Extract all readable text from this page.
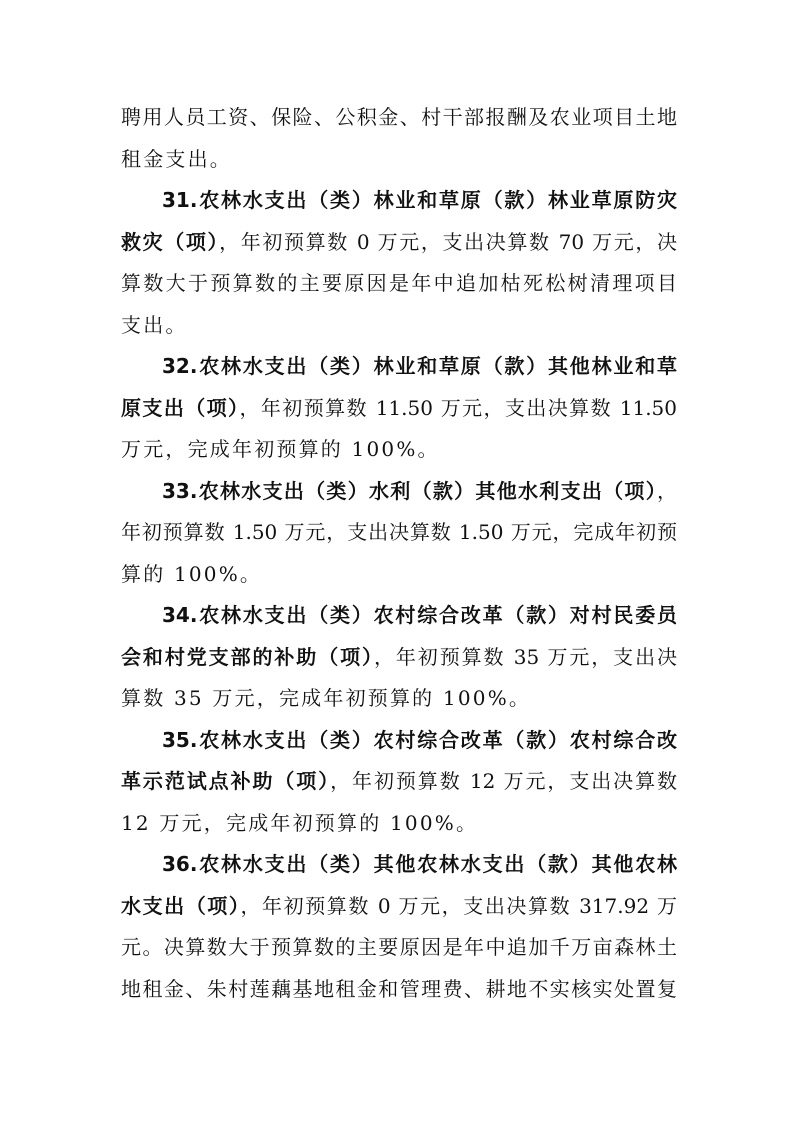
聘用人员工资、保险、公积金、村干部报酬及农业项目土地
租金支出。
31.农林水支出（类）林业和草原（款）林业草原防灾
救灾（项），年初预算数 0 万元，支出决算数 70 万元，决
算数大于预算数的主要原因是年中追加枯死松树清理项目
支出。
32.农林水支出（类）林业和草原（款）其他林业和草
原支出（项），年初预算数 11.50 万元，支出决算数 11.50
万元，完成年初预算的 100%。
33.农林水支出（类）水利（款）其他水利支出（项），
年初预算数 1.50 万元，支出决算数 1.50 万元，完成年初预
算的 100%。
34.农林水支出（类）农村综合改革（款）对村民委员
会和村党支部的补助（项），年初预算数 35 万元，支出决
算数 35 万元，完成年初预算的 100%。
35.农林水支出（类）农村综合改革（款）农村综合改
革示范试点补助（项），年初预算数 12 万元，支出决算数
12 万元，完成年初预算的 100%。
36.农林水支出（类）其他农林水支出（款）其他农林
水支出（项），年初预算数 0 万元，支出决算数 317.92 万
元。决算数大于预算数的主要原因是年中追加千万亩森林土
地租金、朱村莲藕基地租金和管理费、耕地不实核实处置复
